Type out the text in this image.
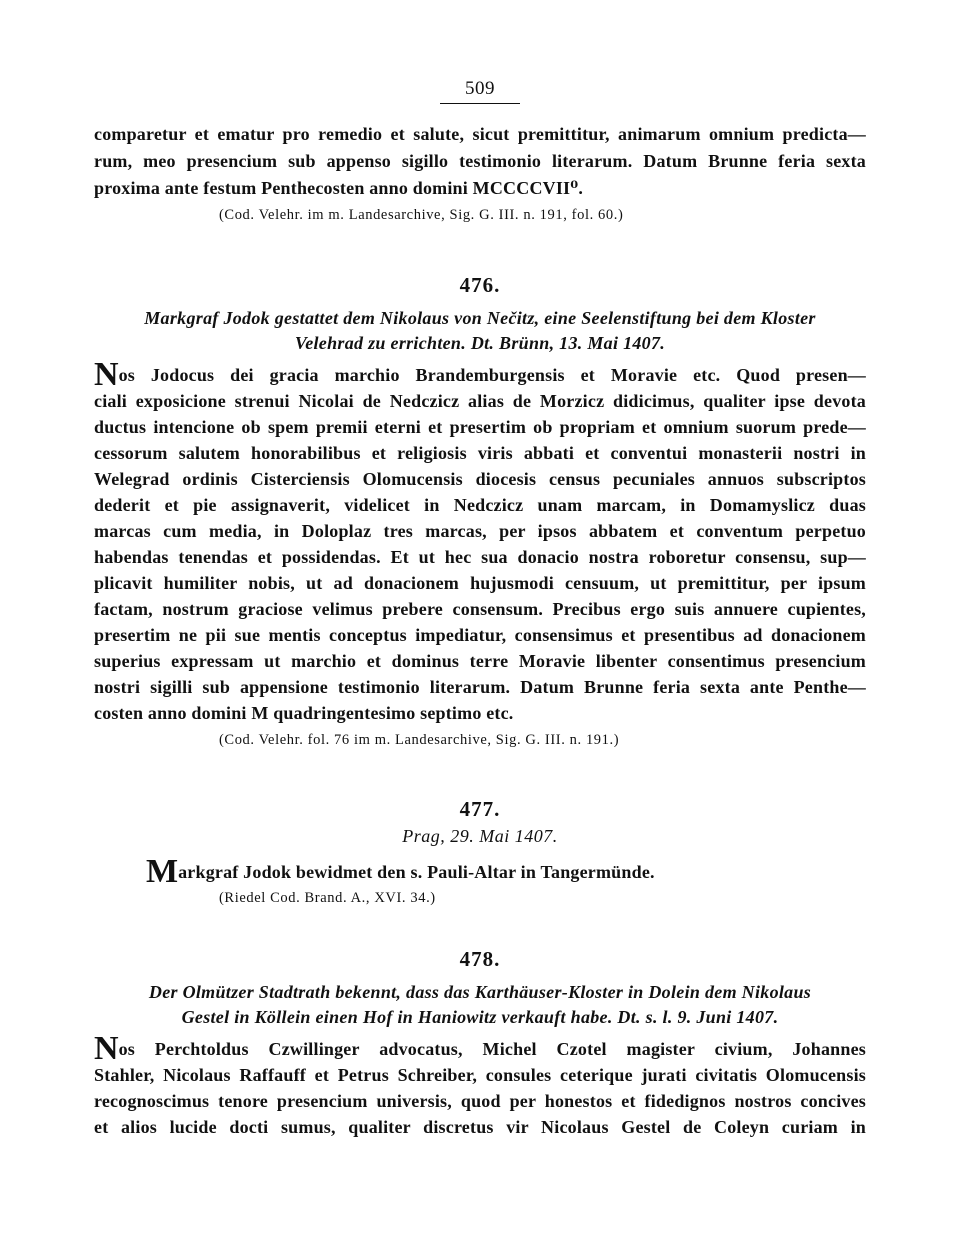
509
comparetur et ematur pro remedio et salute, sicut premittitur, animarum omnium predicta—
rum, meo presencium sub appenso sigillo testimonio literarum. Datum Brunne feria sexta
proxima ante festum Penthecosten anno domini MCCCCVII⁰.
(Cod. Velehr. im m. Landesarchive, Sig. G. III. n. 191, fol. 60.)
476.
Markgraf Jodok gestattet dem Nikolaus von Nečitz, eine Seelenstiftung bei dem Kloster
Velehrad zu errichten. Dt. Brünn, 13. Mai 1407.
Nos Jodocus dei gracia marchio Brandemburgensis et Moravie etc. Quod presen—
ciali exposicione strenui Nicolai de Nedczicz alias de Morzicz didicimus, qualiter ipse devota
ductus intencione ob spem premii eterni et presertim ob propriam et omnium suorum prede—
cessorum salutem honorabilibus et religiosis viris abbati et conventui monasterii nostri in
Welegrad ordinis Cisterciensis Olomucensis diocesis census pecuniales annuos subscriptos
dederit et pie assignaverit, videlicet in Nedczicz unam marcam, in Domamyslicz duas
marcas cum media, in Doloplaz tres marcas, per ipsos abbatem et conventum perpetuo
habendas tenendas et possidendas. Et ut hec sua donacio nostra roboretur consensu, sup—
plicavit humiliter nobis, ut ad donacionem hujusmodi censuum, ut premittitur, per ipsum
factam, nostrum graciose velimus prebere consensum. Precibus ergo suis annuere cupientes,
presertim ne pii sue mentis conceptus impediatur, consensimus et presentibus ad donacionem
superius expressam ut marchio et dominus terre Moravie libenter consentimus presencium
nostri sigilli sub appensione testimonio literarum. Datum Brunne feria sexta ante Penthe—
costen anno domini M quadringentesimo septimo etc.
(Cod. Velehr. fol. 76 im m. Landesarchive, Sig. G. III. n. 191.)
477.
Prag, 29. Mai 1407.
Markgraf Jodok bewidmet den s. Pauli-Altar in Tangermünde.
(Riedel Cod. Brand. A., XVI. 34.)
478.
Der Olmützer Stadtrath bekennt, dass das Karthäuser-Kloster in Dolein dem Nikolaus
Gestel in Köllein einen Hof in Haniowitz verkauft habe. Dt. s. l. 9. Juni 1407.
Nos Perchtoldus Czwillinger advocatus, Michel Czotel magister civium, Johannes
Stahler, Nicolaus Raffauff et Petrus Schreiber, consules ceterique jurati civitatis Olomucensis
recognoscimus tenore presencium universis, quod per honestos et fidedignos nostros concives
et alios lucide docti sumus, qualiter discretus vir Nicolaus Gestel de Coleyn curiam in
